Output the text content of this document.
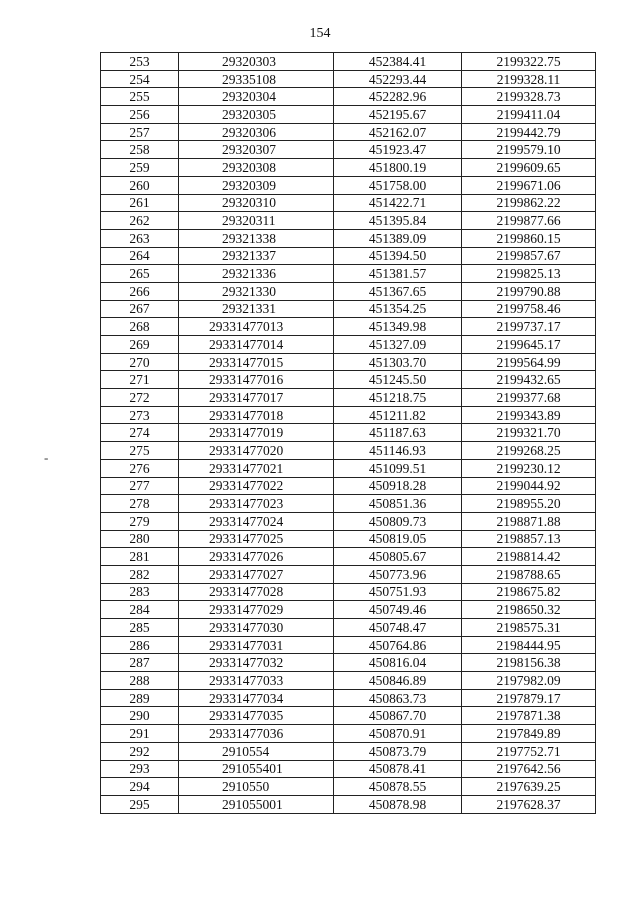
154
-
253	29320303	452384.41	2199322.75
254	29335108	452293.44	2199328.11
255	29320304	452282.96	2199328.73
256	29320305	452195.67	2199411.04
257	29320306	452162.07	2199442.79
258	29320307	451923.47	2199579.10
259	29320308	451800.19	2199609.65
260	29320309	451758.00	2199671.06
261	29320310	451422.71	2199862.22
262	29320311	451395.84	2199877.66
263	29321338	451389.09	2199860.15
264	29321337	451394.50	2199857.67
265	29321336	451381.57	2199825.13
266	29321330	451367.65	2199790.88
267	29321331	451354.25	2199758.46
268	29331477013	451349.98	2199737.17
269	29331477014	451327.09	2199645.17
270	29331477015	451303.70	2199564.99
271	29331477016	451245.50	2199432.65
272	29331477017	451218.75	2199377.68
273	29331477018	451211.82	2199343.89
274	29331477019	451187.63	2199321.70
275	29331477020	451146.93	2199268.25
276	29331477021	451099.51	2199230.12
277	29331477022	450918.28	2199044.92
278	29331477023	450851.36	2198955.20
279	29331477024	450809.73	2198871.88
280	29331477025	450819.05	2198857.13
281	29331477026	450805.67	2198814.42
282	29331477027	450773.96	2198788.65
283	29331477028	450751.93	2198675.82
284	29331477029	450749.46	2198650.32
285	29331477030	450748.47	2198575.31
286	29331477031	450764.86	2198444.95
287	29331477032	450816.04	2198156.38
288	29331477033	450846.89	2197982.09
289	29331477034	450863.73	2197879.17
290	29331477035	450867.70	2197871.38
291	29331477036	450870.91	2197849.89
292	2910554	450873.79	2197752.71
293	291055401	450878.41	2197642.56
294	2910550	450878.55	2197639.25
295	291055001	450878.98	2197628.37
